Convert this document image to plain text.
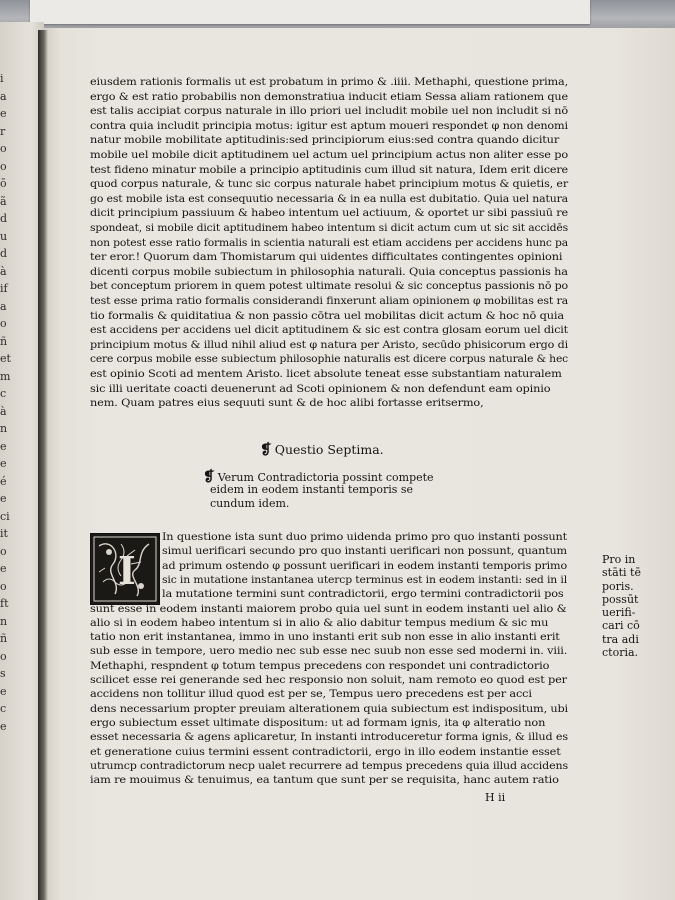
i
a
e
r
o
o
ō
ã
d
u
d
à
if
a
o
ñ
et
m
c
à
n
e
e
é
e
ci
it
o
e
o
ft
n
ñ
o
s
e
c
e
eiusdem rationis formalis ut est probatum in primo & .iiii. Methaphi, questione prima,
ergo & est ratio probabilis non demonstratiua inducit etiam Sessa aliam rationem que
est talis accipiat corpus naturale in illo priori uel includit mobile uel non includit si nō
contra quia includit principia motus: igitur est aptum moueri respondet φ non denomi
natur mobile mobilitate aptitudinis:sed principiorum eius:sed contra quando dicitur
mobile uel mobile dicit aptitudinem uel actum uel principium actus non aliter esse po
test fideno minatur mobile a principio aptitudinis cum illud sit natura, Idem erit dicere
quod corpus naturale, & tunc sic corpus naturale habet principium motus & quietis, er
go est mobile ista est consequutio necessaria & in ea nulla est dubitatio. Quia uel natura
dicit principium passiuum & habeo intentum uel actiuum, & oportet ur sibi passiuū re
spondeat, si mobile dicit aptitudinem habeo intentum si dicit actum cum ut sic sit accidēs
non potest esse ratio formalis in scientia naturali est etiam accidens per accidens hunc pa
ter eror.! Quorum dam Thomistarum qui uidentes difficultates contingentes opinioni
dicenti corpus mobile subiectum in philosophia naturali. Quia conceptus passionis ha
bet conceptum priorem in quem potest ultimate resolui & sic conceptus passionis nō po
test esse prima ratio formalis considerandi finxerunt aliam opinionem φ mobilitas est ra
tio formalis & quiditatiua & non passio cōtra uel mobilitas dicit actum & hoc nō quia
est accidens per accidens uel dicit aptitudinem & sic est contra glosam eorum uel dicit
principium motus & illud nihil aliud est φ natura per Aristo, secūdo phisicorum ergo di
cere corpus mobile esse subiectum philosophie naturalis est dicere corpus naturale & hec
est opinio Scoti ad mentem Aristo. licet absolute teneat esse substantiam naturalem
sic illi ueritate coacti deuenerunt ad Scoti opinionem & non defendunt eam opinio
nem. Quam patres eius sequuti sunt & de hoc alibi fortasse eritsermo,
❡ Questio Septima.
❡ Verum Contradictoria possint compete
eidem in eodem instanti temporis se
cundum idem.
I
In questione ista sunt duo primo uidenda primo pro quo instanti possunt
simul uerificari secundo pro quo instanti uerificari non possunt, quantum
ad primum ostendo φ possunt uerificari in eodem instanti temporis primo
sic in mutatione instantanea utercp terminus est in eodem instanti: sed in il
la mutatione termini sunt contradictorii, ergo termini contradictorii pos
sunt esse in eodem instanti maiorem probo quia uel sunt in eodem instanti uel alio &
alio si in eodem habeo intentum si in alio & alio dabitur tempus medium & sic mu
tatio non erit instantanea, immo in uno instanti erit sub non esse in alio instanti erit
sub esse in tempore, uero medio nec sub esse nec suub non esse sed moderni in. viii.
Methaphi, respndent φ totum tempus precedens con respondet uni contradictorio
scilicet esse rei generande sed hec responsio non soluit, nam remoto eo quod est per
accidens non tollitur illud quod est per se, Tempus uero precedens est per acci
dens necessarium propter preuiam alterationem quia subiectum est indispositum, ubi
ergo subiectum esset ultimate dispositum: ut ad formam ignis, ita φ alteratio non
esset necessaria & agens aplicaretur, In instanti introduceretur forma ignis, & illud es
et generatione cuius termini essent contradictorii, ergo in illo eodem instantie esset
utrumcp contradictorum necp ualet recurrere ad tempus precedens quia illud accidens
iam re mouimus & tenuimus, ea tantum que sunt per se requisita, hanc autem ratio
Pro in
stāti tē
poris.
possūt
uerifi-
cari cō
tra adi
ctoria.
H ii
